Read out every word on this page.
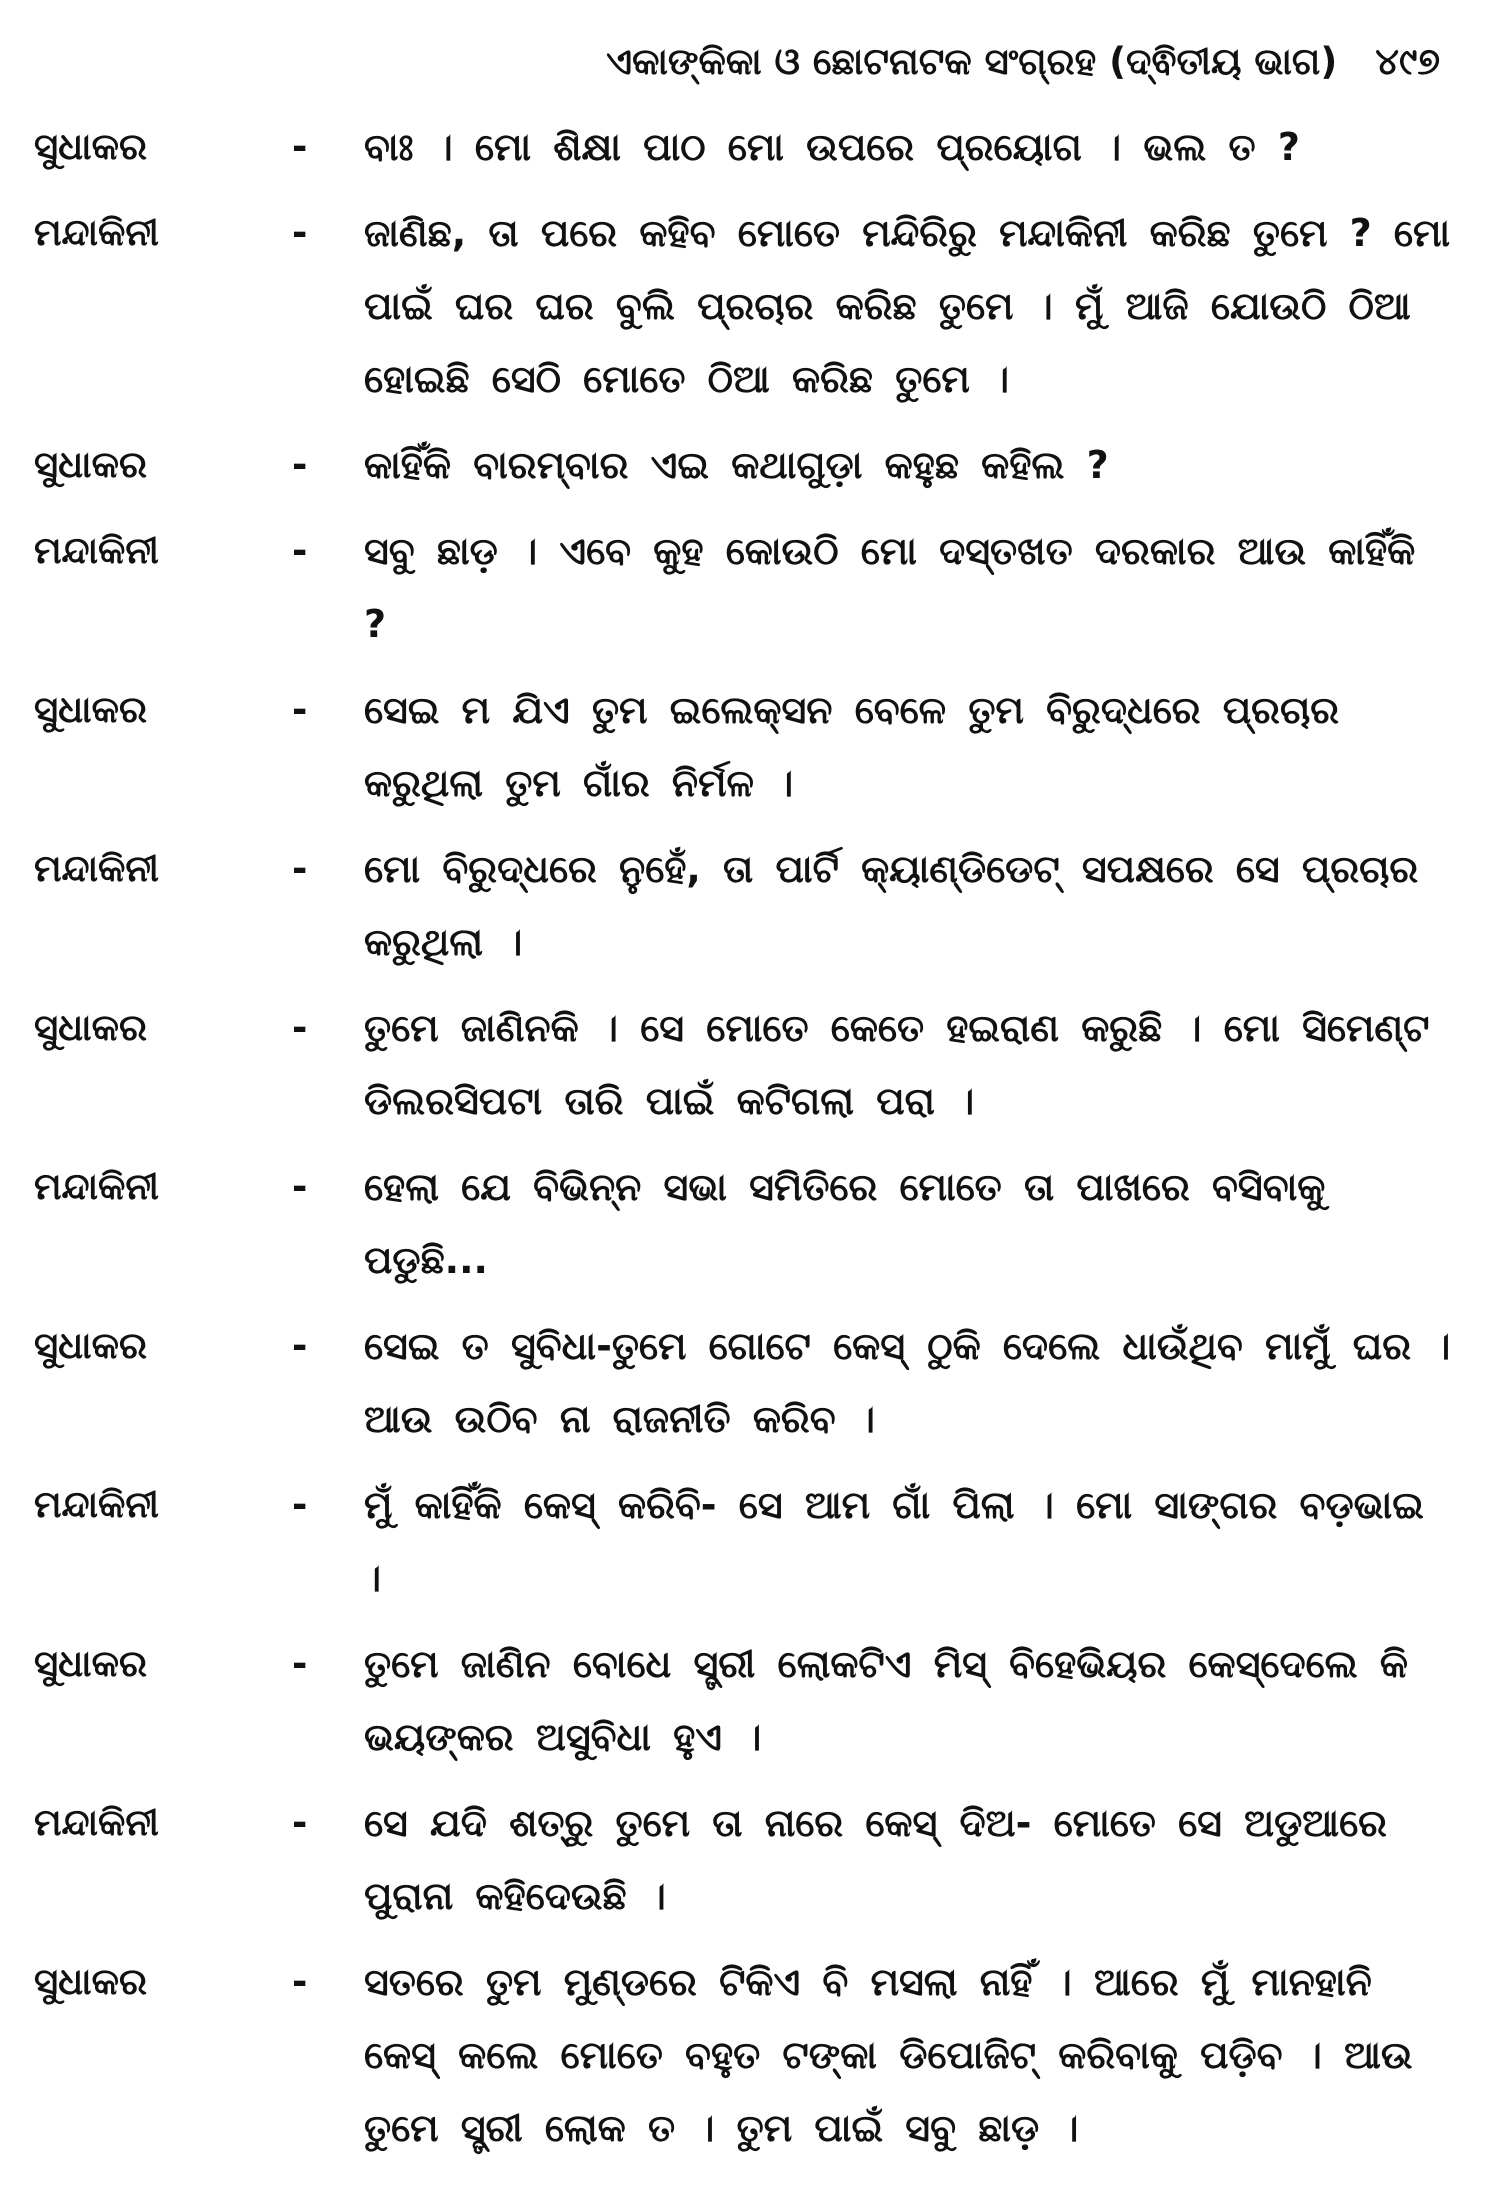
ଏକାଙ୍କିକା ଓ ଛୋଟନାଟକ ସଂଗ୍ରହ (ଦ୍ଵିତୀୟ ଭାଗ) ୪୯୭
ସୁଧାକର	-	ବାଃ । ମୋ ଶିକ୍ଷା ପାଠ ମୋ ଉପରେ ପ୍ରୟୋଗ । ଭଲ ତ ?
ମନ୍ଦାକିନୀ	-	ଜାଣିଛ, ତା ପରେ କହିବ ମୋତେ ମନ୍ଦିରିରୁ ମନ୍ଦାକିନୀ କରିଛ ତୁମେ ? ମୋ ପାଇଁ ଘର ଘର ବୁଲି ପ୍ରଚାର କରିଛ ତୁମେ । ମୁଁ ଆଜି ଯୋଉଠି ଠିଆ ହୋଇଛି ସେଠି ମୋତେ ଠିଆ କରିଛ ତୁମେ ।
ସୁଧାକର	-	କାହିଁକି ବାରମ୍ବାର ଏଇ କଥାଗୁଡ଼ା କହୁଛ କହିଲ ?
ମନ୍ଦାକିନୀ	-	ସବୁ ଛାଡ଼ । ଏବେ କୁହ କୋଉଠି ମୋ ଦସ୍ତଖତ ଦରକାର ଆଉ କାହିଁକି ?
ସୁଧାକର	-	ସେଇ ମ ଯିଏ ତୁମ ଇଲେକ୍‌ସନ ବେଳେ ତୁମ ବିରୁଦ୍ଧରେ ପ୍ରଚାର କରୁଥିଲା ତୁମ ଗାଁର ନିର୍ମଳ ।
ମନ୍ଦାକିନୀ	-	ମୋ ବିରୁଦ୍ଧରେ ନୁହେଁ, ତା ପାର୍ଟି କ୍ୟାଣ୍ଡିଡେଟ୍‌ ସପକ୍ଷରେ ସେ ପ୍ରଚାର କରୁଥିଲା ।
ସୁଧାକର	-	ତୁମେ ଜାଣିନକି । ସେ ମୋତେ କେତେ ହଇରାଣ କରୁଛି । ମୋ ସିମେଣ୍ଟ ଡିଲରସିପଟା ତାରି ପାଇଁ କଟିଗଲା ପରା ।
ମନ୍ଦାକିନୀ	-	ହେଲା ଯେ ବିଭିନ୍ନ ସଭା ସମିତିରେ ମୋତେ ତା ପାଖରେ ବସିବାକୁ ପଡୁଛି...
ସୁଧାକର	-	ସେଇ ତ ସୁବିଧା-ତୁମେ ଗୋଟେ କେସ୍‌ ଠୁକି ଦେଲେ ଧାଉଁଥିବ ମାମୁଁ ଘର । ଆଉ ଉଠିବ ନା ରାଜନୀତି କରିବ ।
ମନ୍ଦାକିନୀ	-	ମୁଁ କାହିଁକି କେସ୍‌ କରିବି- ସେ ଆମ ଗାଁ ପିଲା । ମୋ ସାଙ୍ଗର ବଡ଼ଭାଇ ।
ସୁଧାକର	-	ତୁମେ ଜାଣିନ ବୋଧେ ସ୍ତ୍ରୀ ଲୋକଟିଏ ମିସ୍‌ ବିହେଭିୟର କେସ୍‌ଦେଲେ କି ଭୟଙ୍କର ଅସୁବିଧା ହୁଏ ।
ମନ୍ଦାକିନୀ	-	ସେ ଯଦି ଶତ୍ରୁ ତୁମେ ତା ନାରେ କେସ୍‌ ଦିଅ- ମୋତେ ସେ ଅଡୁଆରେ ପୁରାନା କହିଦେଉଛି ।
ସୁଧାକର	-	ସତରେ ତୁମ ମୁଣ୍ଡରେ ଟିକିଏ ବି ମସଲା ନାହିଁ । ଆରେ ମୁଁ ମାନହାନି କେସ୍‌ କଲେ ମୋତେ ବହୁତ ଟଙ୍କା ଡିପୋଜିଟ୍‌ କରିବାକୁ ପଡ଼ିବ । ଆଉ ତୁମେ ସ୍ତ୍ରୀ ଲୋକ ତ । ତୁମ ପାଇଁ ସବୁ ଛାଡ଼ ।
